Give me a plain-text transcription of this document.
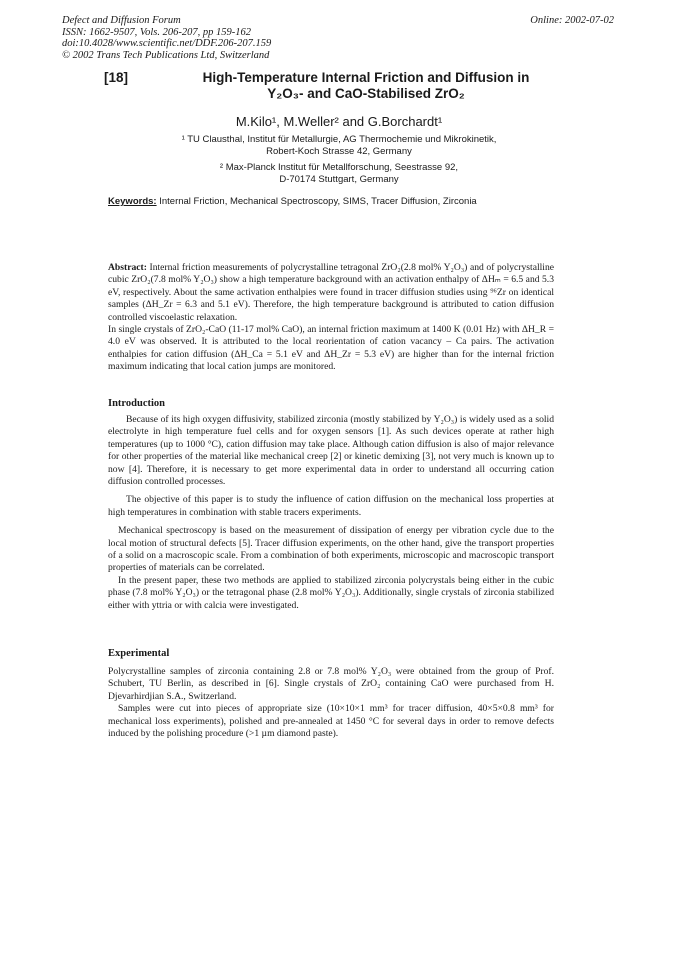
Defect and Diffusion Forum
ISSN: 1662-9507, Vols. 206-207, pp 159-162
doi:10.4028/www.scientific.net/DDF.206-207.159
© 2002 Trans Tech Publications Ltd, Switzerland
Online: 2002-07-02
[18]	High-Temperature Internal Friction and Diffusion in
Y₂O₃- and CaO-Stabilised ZrO₂
M.Kilo¹, M.Weller² and G.Borchardt¹
¹ TU Clausthal, Institut für Metallurgie, AG Thermochemie und Mikrokinetik,
Robert-Koch Strasse 42, Germany
² Max-Planck Institut für Metallforschung, Seestrasse 92,
D-70174 Stuttgart, Germany
Keywords: Internal Friction, Mechanical Spectroscopy, SIMS, Tracer Diffusion, Zirconia

Abstract: Internal friction measurements of polycrystalline tetragonal ZrO₂(2.8 mol% Y₂O₃) and of polycrystalline cubic ZrO₂(7.8 mol% Y₂O₃) show a high temperature background with an activation enthalpy of ΔHₘ = 6.5 and 5.3 eV, respectively. About the same activation enthalpies were found in tracer diffusion studies using ⁹⁶Zr on identical samples (ΔH_Zr = 6.3 and 5.1 eV). Therefore, the high temperature background is attributed to cation diffusion controlled viscoelastic relaxation.

In single crystals of ZrO₂-CaO (11-17 mol% CaO), an internal friction maximum at 1400 K (0.01 Hz) with ΔH_R = 4.0 eV was observed. It is attributed to the local reorientation of cation vacancy – Ca pairs. The activation enthalpies for cation diffusion (ΔH_Ca = 5.1 eV and ΔH_Zr = 5.3 eV) are higher than for the internal friction maximum indicating that local cation jumps are monitored.

Introduction

Because of its high oxygen diffusivity, stabilized zirconia (mostly stabilized by Y₂O₃) is widely used as a solid electrolyte in high temperature fuel cells and for oxygen sensors [1]. As such devices operate at rather high temperatures (up to 1000 °C), cation diffusion may take place. Although cation diffusion is also of major relevance for other properties of the material like mechanical creep [2] or kinetic demixing [3], not very much is known up to now [4]. Therefore, it is necessary to get more experimental data in order to understand all occurring cation diffusion controlled processes.

The objective of this paper is to study the influence of cation diffusion on the mechanical loss properties at high temperatures in combination with stable tracers experiments.

Mechanical spectroscopy is based on the measurement of dissipation of energy per vibration cycle due to the local motion of structural defects [5]. Tracer diffusion experiments, on the other hand, give the transport properties of a solid on a macroscopic scale. From a combination of both experiments, microscopic and macroscopic transport properties of materials can be correlated.

In the present paper, these two methods are applied to stabilized zirconia polycrystals being either in the cubic phase (7.8 mol% Y₂O₃) or the tetragonal phase (2.8 mol% Y₂O₃). Additionally, single crystals of zirconia stabilized either with yttria or with calcia were investigated.

Experimental

Polycrystalline samples of zirconia containing 2.8 or 7.8 mol% Y₂O₃ were obtained from the group of Prof. Schubert, TU Berlin, as described in [6]. Single crystals of ZrO₂ containing CaO were purchased from H. Djevarhirdjian S.A., Switzerland.

Samples were cut into pieces of appropriate size (10×10×1 mm³ for tracer diffusion, 40×5×0.8 mm³ for mechanical loss experiments), polished and pre-annealed at 1450 °C for several days in order to remove defects induced by the polishing procedure (>1 µm diamond paste).
